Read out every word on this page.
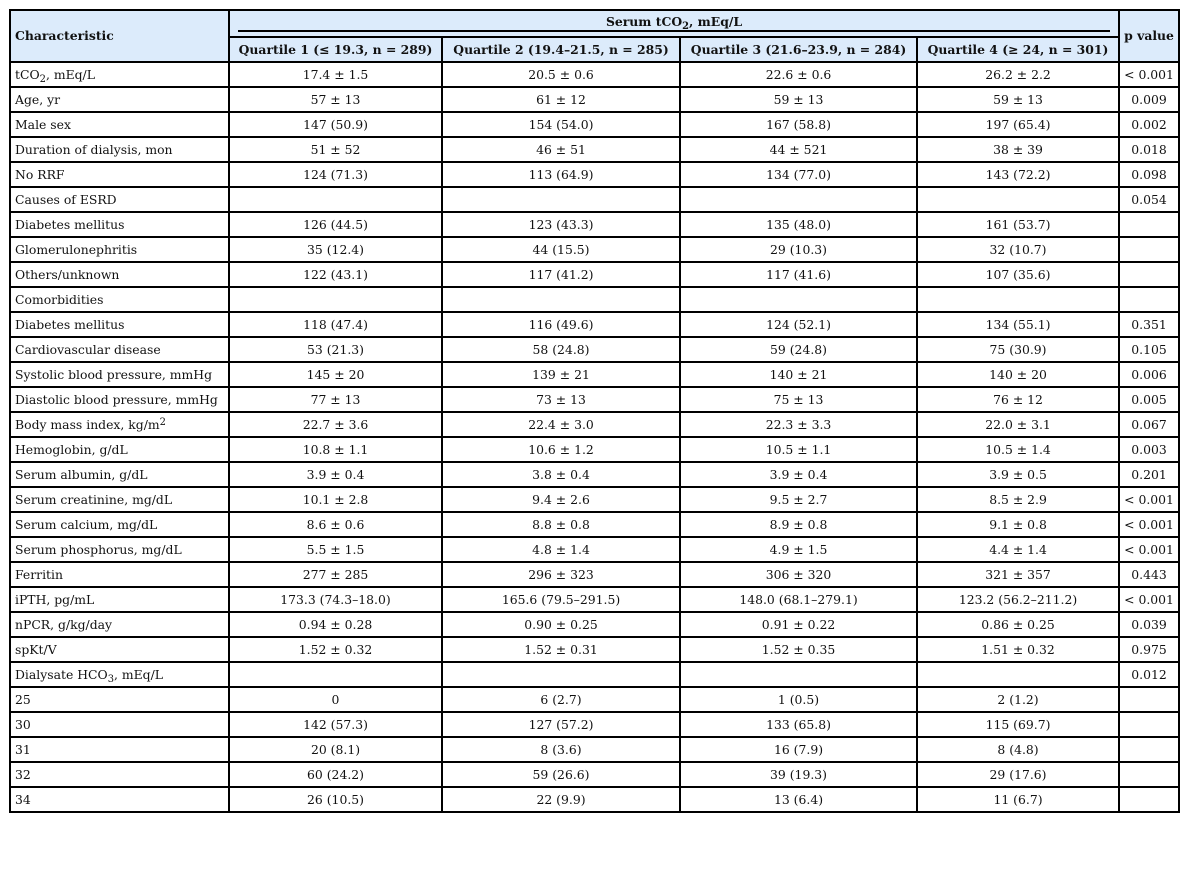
Characteristic	Serum tCO$_2$, mEq/L				p value
	Quartile 1 (≤ 19.3, n = 289)	Quartile 2 (19.4–21.5, n = 285)	Quartile 3 (21.6–23.9, n = 284)	Quartile 4 (≥ 24, n = 301)	
tCO$_2$, mEq/L	17.4 ± 1.5	20.5 ± 0.6	22.6 ± 0.6	26.2 ± 2.2	< 0.001
Age, yr	57 ± 13	61 ± 12	59 ± 13	59 ± 13	0.009
Male sex	147 (50.9)	154 (54.0)	167 (58.8)	197 (65.4)	0.002
Duration of dialysis, mon	51 ± 52	46 ± 51	44 ± 521	38 ± 39	0.018
No RRF	124 (71.3)	113 (64.9)	134 (77.0)	143 (72.2)	0.098
Causes of ESRD					0.054
Diabetes mellitus	126 (44.5)	123 (43.3)	135 (48.0)	161 (53.7)	
Glomerulonephritis	35 (12.4)	44 (15.5)	29 (10.3)	32 (10.7)	
Others/unknown	122 (43.1)	117 (41.2)	117 (41.6)	107 (35.6)	
Comorbidities					
Diabetes mellitus	118 (47.4)	116 (49.6)	124 (52.1)	134 (55.1)	0.351
Cardiovascular disease	53 (21.3)	58 (24.8)	59 (24.8)	75 (30.9)	0.105
Systolic blood pressure, mmHg	145 ± 20	139 ± 21	140 ± 21	140 ± 20	0.006
Diastolic blood pressure, mmHg	77 ± 13	73 ± 13	75 ± 13	76 ± 12	0.005
Body mass index, $kg/m^2$	22.7 ± 3.6	22.4 ± 3.0	22.3 ± 3.3	22.0 ± 3.1	0.067
Hemoglobin, g/dL	10.8 ± 1.1	10.6 ± 1.2	10.5 ± 1.1	10.5 ± 1.4	0.003
Serum albumin, g/dL	3.9 ± 0.4	3.8 ± 0.4	3.9 ± 0.4	3.9 ± 0.5	0.201
Serum creatinine, mg/dL	10.1 ± 2.8	9.4 ± 2.6	9.5 ± 2.7	8.5 ± 2.9	< 0.001
Serum calcium, mg/dL	8.6 ± 0.6	8.8 ± 0.8	8.9 ± 0.8	9.1 ± 0.8	< 0.001
Serum phosphorus, mg/dL	5.5 ± 1.5	4.8 ± 1.4	4.9 ± 1.5	4.4 ± 1.4	< 0.001
Ferritin	277 ± 285	296 ± 323	306 ± 320	321 ± 357	0.443
iPTH, pg/mL	173.3 (74.3–18.0)	165.6 (79.5–291.5)	148.0 (68.1–279.1)	123.2 (56.2–211.2)	< 0.001
nPCR, g/kg/day	0.94 ± 0.28	0.90 ± 0.25	0.91 ± 0.22	0.86 ± 0.25	0.039
spKt/V	1.52 ± 0.32	1.52 ± 0.31	1.52 ± 0.35	1.51 ± 0.32	0.975
Dialysate $HCO_3$, mEq/L					0.012
25	0	6 (2.7)	1 (0.5)	2 (1.2)	
30	142 (57.3)	127 (57.2)	133 (65.8)	115 (69.7)	
31	20 (8.1)	8 (3.6)	16 (7.9)	8 (4.8)	
32	60 (24.2)	59 (26.6)	39 (19.3)	29 (17.6)	
34	26 (10.5)	22 (9.9)	13 (6.4)	11 (6.7)	
